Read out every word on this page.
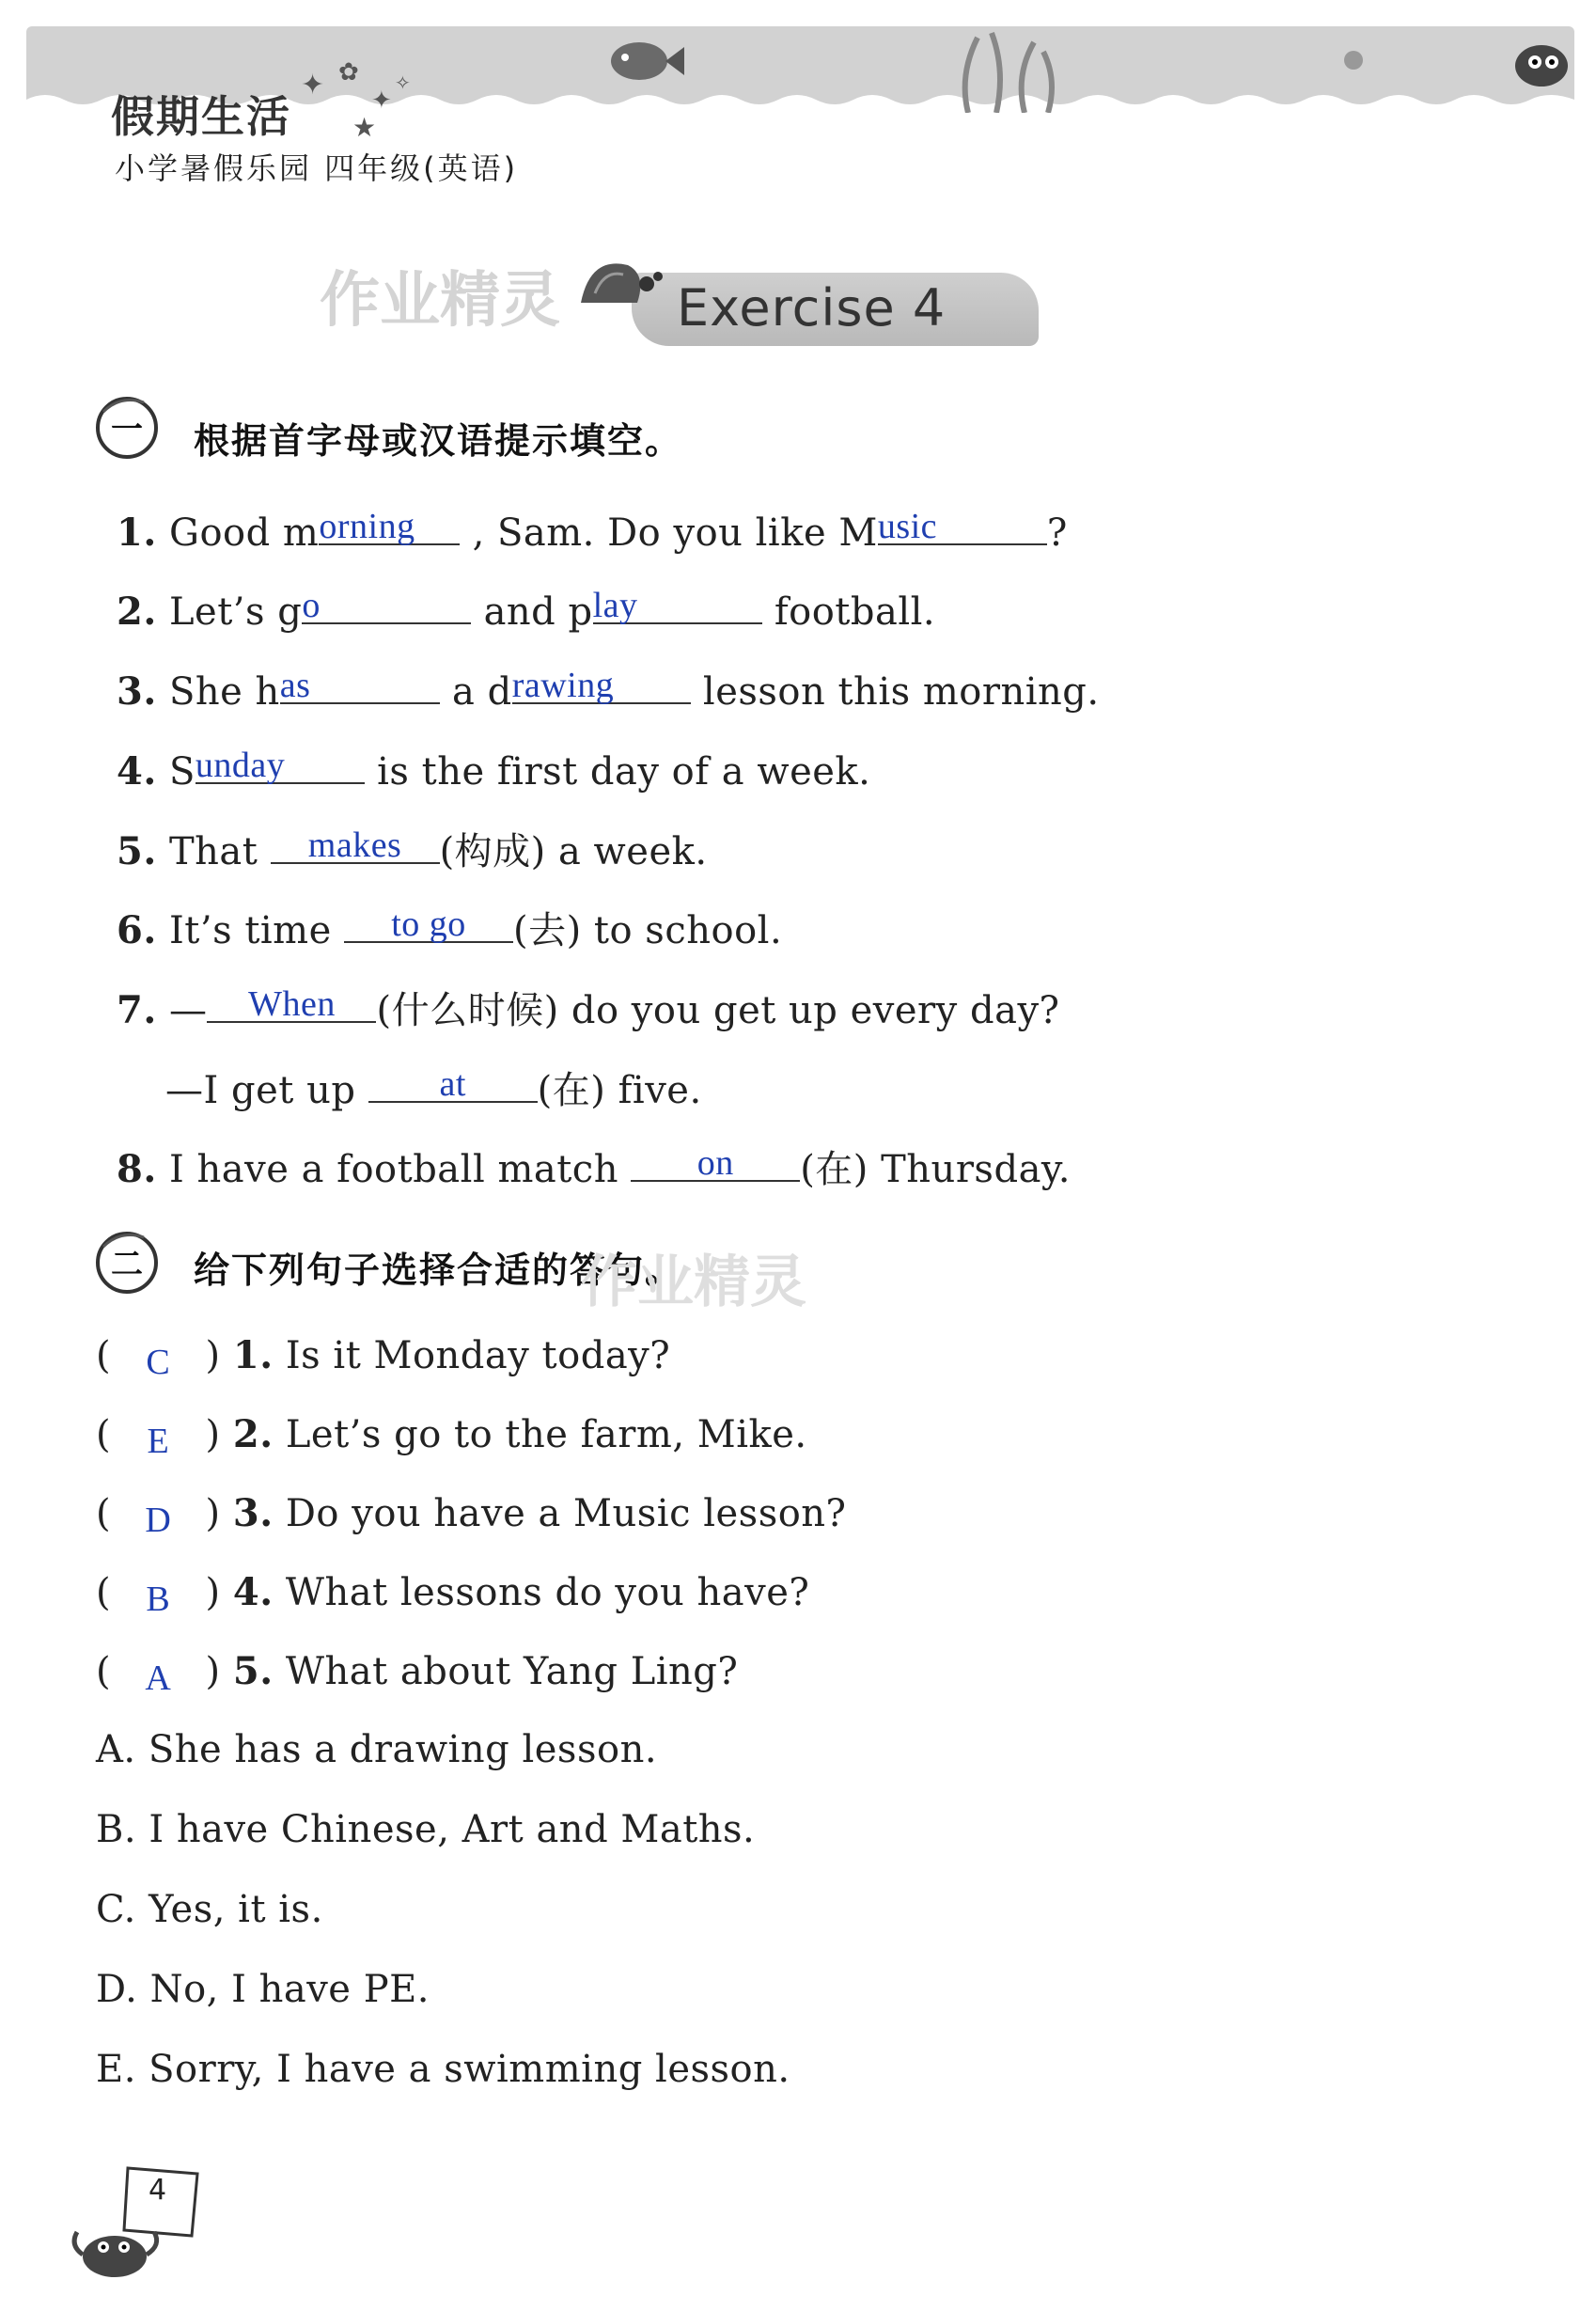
假期生活
小学暑假乐园 四年级(英语)
✦ ✿
✦
★
✧
作业精灵 Exercise 4
一 根据首字母或汉语提示填空。
1. Good m orning , Sam. Do you like M usic	?
2. Let’s g o	and p lay	football.
3. She h as	a d rawing lesson this morning.
4. S unday is the first day of a week.
5. That	makes	(构成) a week.
6. It’s time	to go	(去) to school.
7. —	When	(什么时候) do you get up every day?
—I get up	at	(在) five.
8. I have a football match	on	(在) Thursday.
二 给下列句子选择合适的答句。
作业精灵
( C ) 1. Is it Monday today?
( E ) 2. Let’s go to the farm, Mike.
( D ) 3. Do you have a Music lesson?
( B ) 4. What lessons do you have?
( A ) 5. What about Yang Ling?
A. She has a drawing lesson.
B. I have Chinese, Art and Maths.
C. Yes, it is.
D. No, I have PE.
E. Sorry, I have a swimming lesson.
4
